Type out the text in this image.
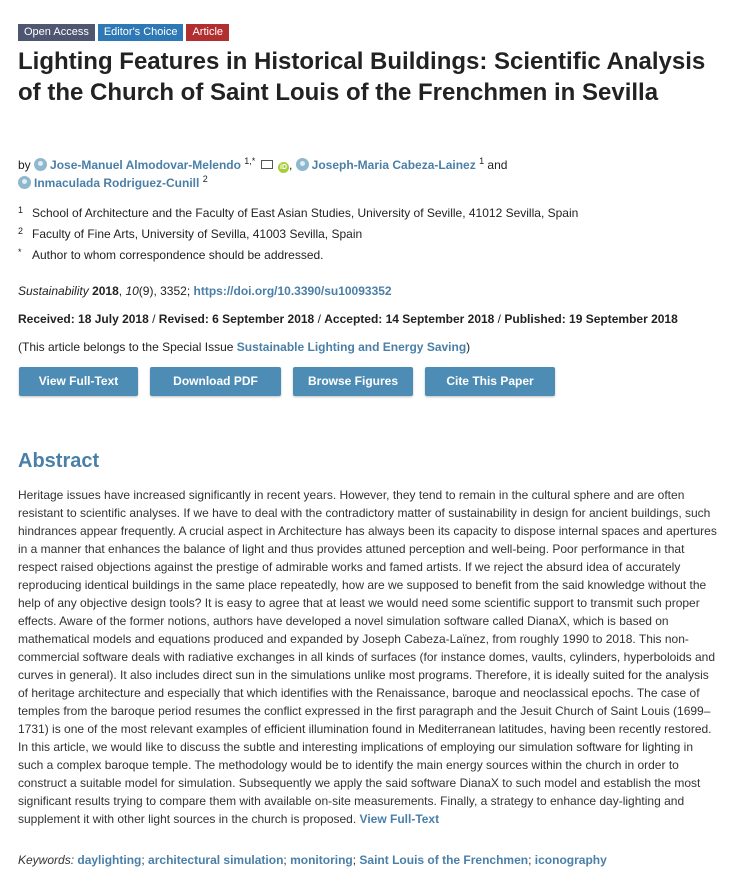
Open Access	Editor's Choice	Article
Lighting Features in Historical Buildings: Scientific Analysis of the Church of Saint Louis of the Frenchmen in Sevilla
by Jose-Manuel Almodovar-Melendo $^{1,*}$  iD , Joseph-Maria Cabeza-Lainez $^1$ and
Inmaculada Rodriguez-Cunill $^2$
1 School of Architecture and the Faculty of East Asian Studies, University of Seville, 41012 Sevilla, Spain
2 Faculty of Fine Arts, University of Sevilla, 41003 Sevilla, Spain
* Author to whom correspondence should be addressed.
Sustainability 2018, 10(9), 3352; https://doi.org/10.3390/su10093352
Received: 18 July 2018 / Revised: 6 September 2018 / Accepted: 14 September 2018 / Published: 19 September 2018
(This article belongs to the Special Issue Sustainable Lighting and Energy Saving)
View Full-Text	Download PDF	Browse Figures	Cite This Paper
Abstract

Heritage issues have increased significantly in recent years. However, they tend to remain in the cultural sphere and are often resistant to scientific analyses. If we have to deal with the contradictory matter of sustainability in design for ancient buildings, such hindrances appear frequently. A crucial aspect in Architecture has always been its capacity to dispose internal spaces and apertures in a manner that enhances the balance of light and thus provides attuned perception and well-being. Poor performance in that respect raised objections against the prestige of admirable works and famed artists. If we reject the absurd idea of accurately reproducing identical buildings in the same place repeatedly, how are we supposed to benefit from the said knowledge without the help of any objective design tools? It is easy to agree that at least we would need some scientific support to transmit such proper effects. Aware of the former notions, authors have developed a novel simulation software called DianaX, which is based on mathematical models and equations produced and expanded by Joseph Cabeza-Laïnez, from roughly 1990 to 2018. This non-commercial software deals with radiative exchanges in all kinds of surfaces (for instance domes, vaults, cylinders, hyperboloids and curves in general). It also includes direct sun in the simulations unlike most programs. Therefore, it is ideally suited for the analysis of heritage architecture and especially that which identifies with the Renaissance, baroque and neoclassical epochs. The case of temples from the baroque period resumes the conflict expressed in the first paragraph and the Jesuit Church of Saint Louis (1699–1731) is one of the most relevant examples of efficient illumination found in Mediterranean latitudes, having been recently restored. In this article, we would like to discuss the subtle and interesting implications of employing our simulation software for lighting in such a complex baroque temple. The methodology would be to identify the main energy sources within the church in order to construct a suitable model for simulation. Subsequently we apply the said software DianaX to such model and establish the most significant results trying to compare them with available on-site measurements. Finally, a strategy to enhance day-lighting and supplement it with other light sources in the church is proposed. View Full-Text

Keywords: daylighting; architectural simulation; monitoring; Saint Louis of the Frenchmen; iconography
